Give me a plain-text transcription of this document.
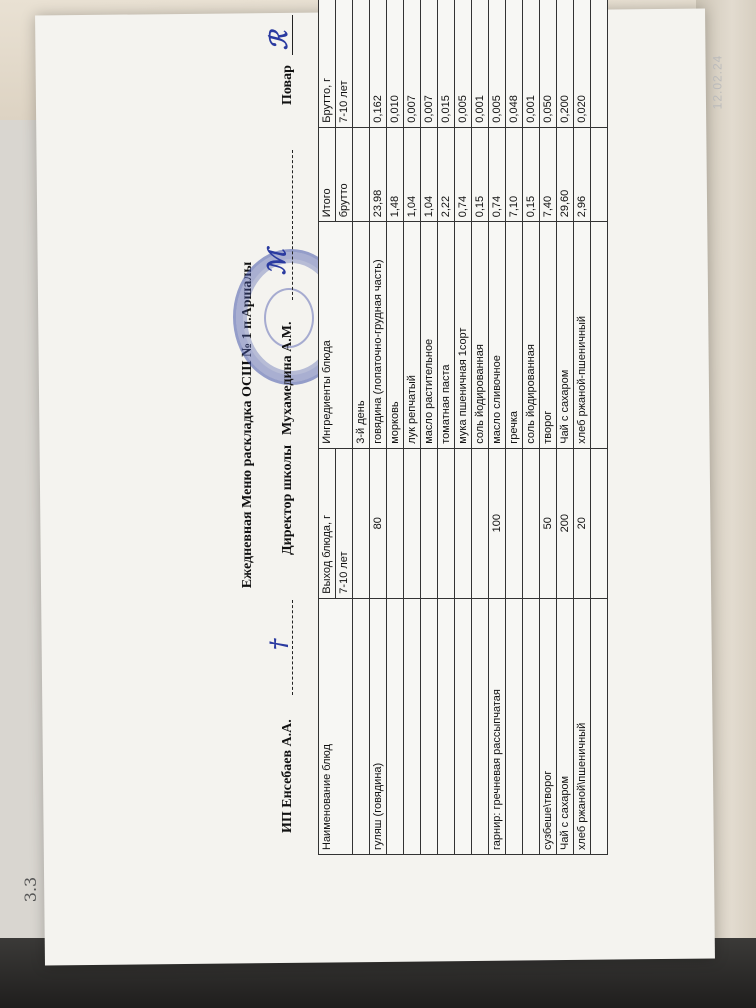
3.3
12.02.24
Ежедневная Меню раскладка ОСШ № 1 п.Аршалы
ИП Енсебаев А.А.
†
Директор школы
Мухамедина А.М.
ℳ
Повар
ℛ
Наименование блюд	Выход блюда, г	Ингредиенты блюда	Итого	Брутто, г
	7-10 лет		брутто	7-10 лет
		3-й день		
гуляш (говядина)	80	говядина (лопаточно-грудная часть)	23,98	0,162
		морковь	1,48	0,010
		лук репчатый	1,04	0,007
		масло растительное	1,04	0,007
		томатная паста	2,22	0,015
		мука пшеничная 1сорт	0,74	0,005
		соль йодированная	0,15	0,001
гарнир: гречневая рассыпчатая	100	масло сливочное	0,74	0,005
		гречка	7,10	0,048
		соль йодированная	0,15	0,001
сузбеше\творог	50	творог	7,40	0,050
Чай с сахаром	200	Чай с сахаром	29,60	0,200
хлеб ржаной\пшеничный	20	хлеб ржаной-пшеничный	2,96	0,020
